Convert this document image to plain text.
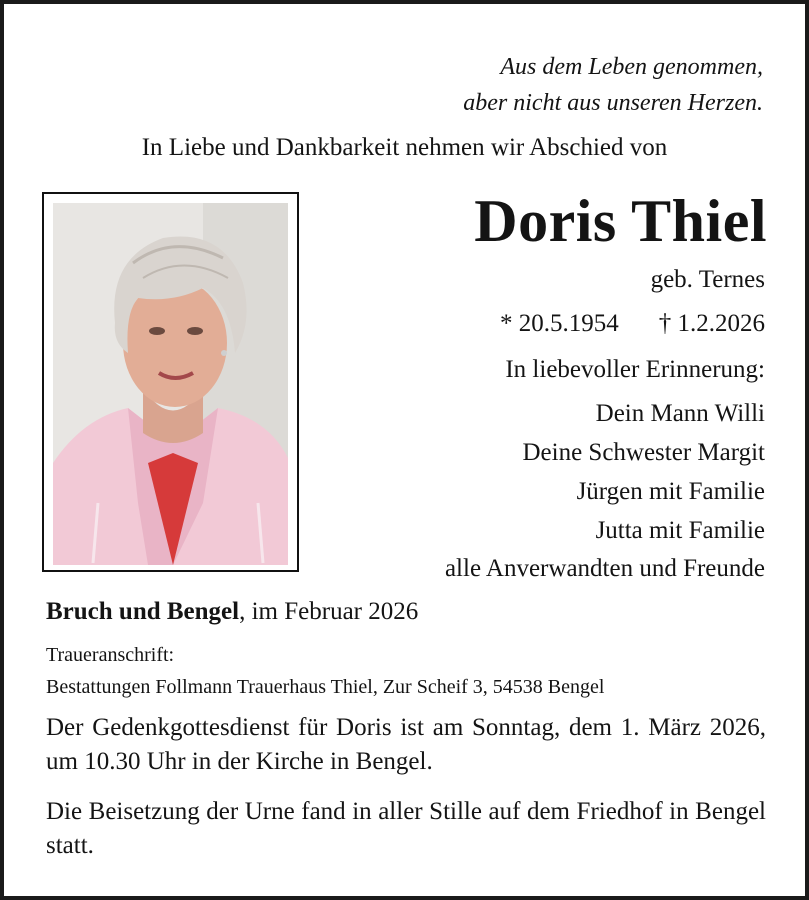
Aus dem Leben genommen,
aber nicht aus unseren Herzen.
In Liebe und Dankbarkeit nehmen wir Abschied von
Doris Thiel
geb. Ternes
* 20.5.1954 † 1.2.2026
In liebevoller Erinnerung:
Dein Mann Willi
Deine Schwester Margit
Jürgen mit Familie
Jutta mit Familie
alle Anverwandten und Freunde
Bruch und Bengel, im Februar 2026
Traueranschrift:
Bestattungen Follmann Trauerhaus Thiel, Zur Scheif 3, 54538 Bengel
Der Gedenkgottesdienst für Doris ist am Sonntag, dem 1. März 2026, um 10.30 Uhr in der Kirche in Bengel.
Die Beisetzung der Urne fand in aller Stille auf dem Friedhof in Bengel statt.
